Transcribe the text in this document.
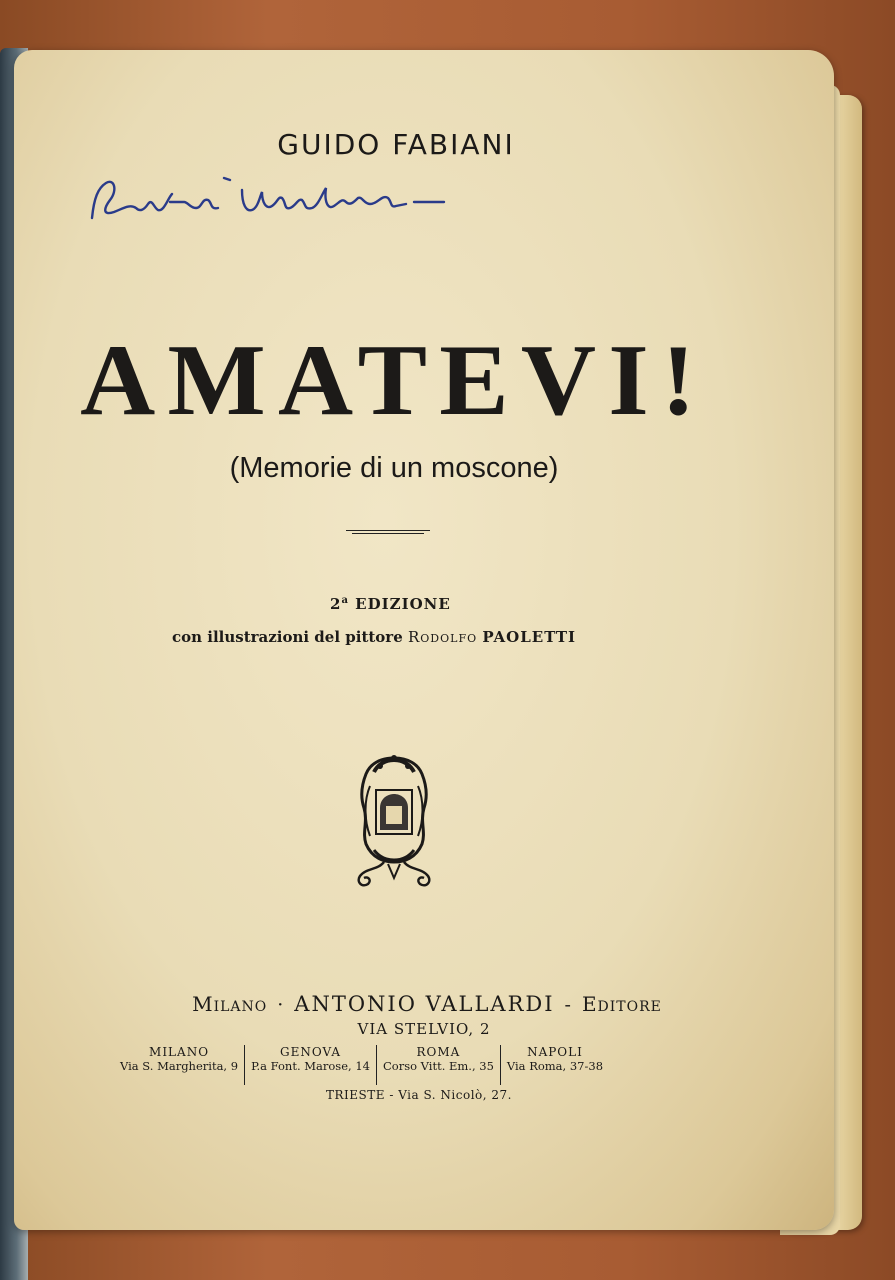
GUIDO FABIANI
AMATEVI!
(Memorie di un moscone)
2$^a$ EDIZIONE
con illustrazioni del pittore Rodolfo PAOLETTI
Milano · ANTONIO VALLARDI - Editore
VIA STELVIO, 2
MILANO
Via S. Margherita, 9
GENOVA
P.a Font. Marose, 14
ROMA
Corso Vitt. Em., 35
NAPOLI
Via Roma, 37-38
TRIESTE - Via S. Nicolò, 27.
